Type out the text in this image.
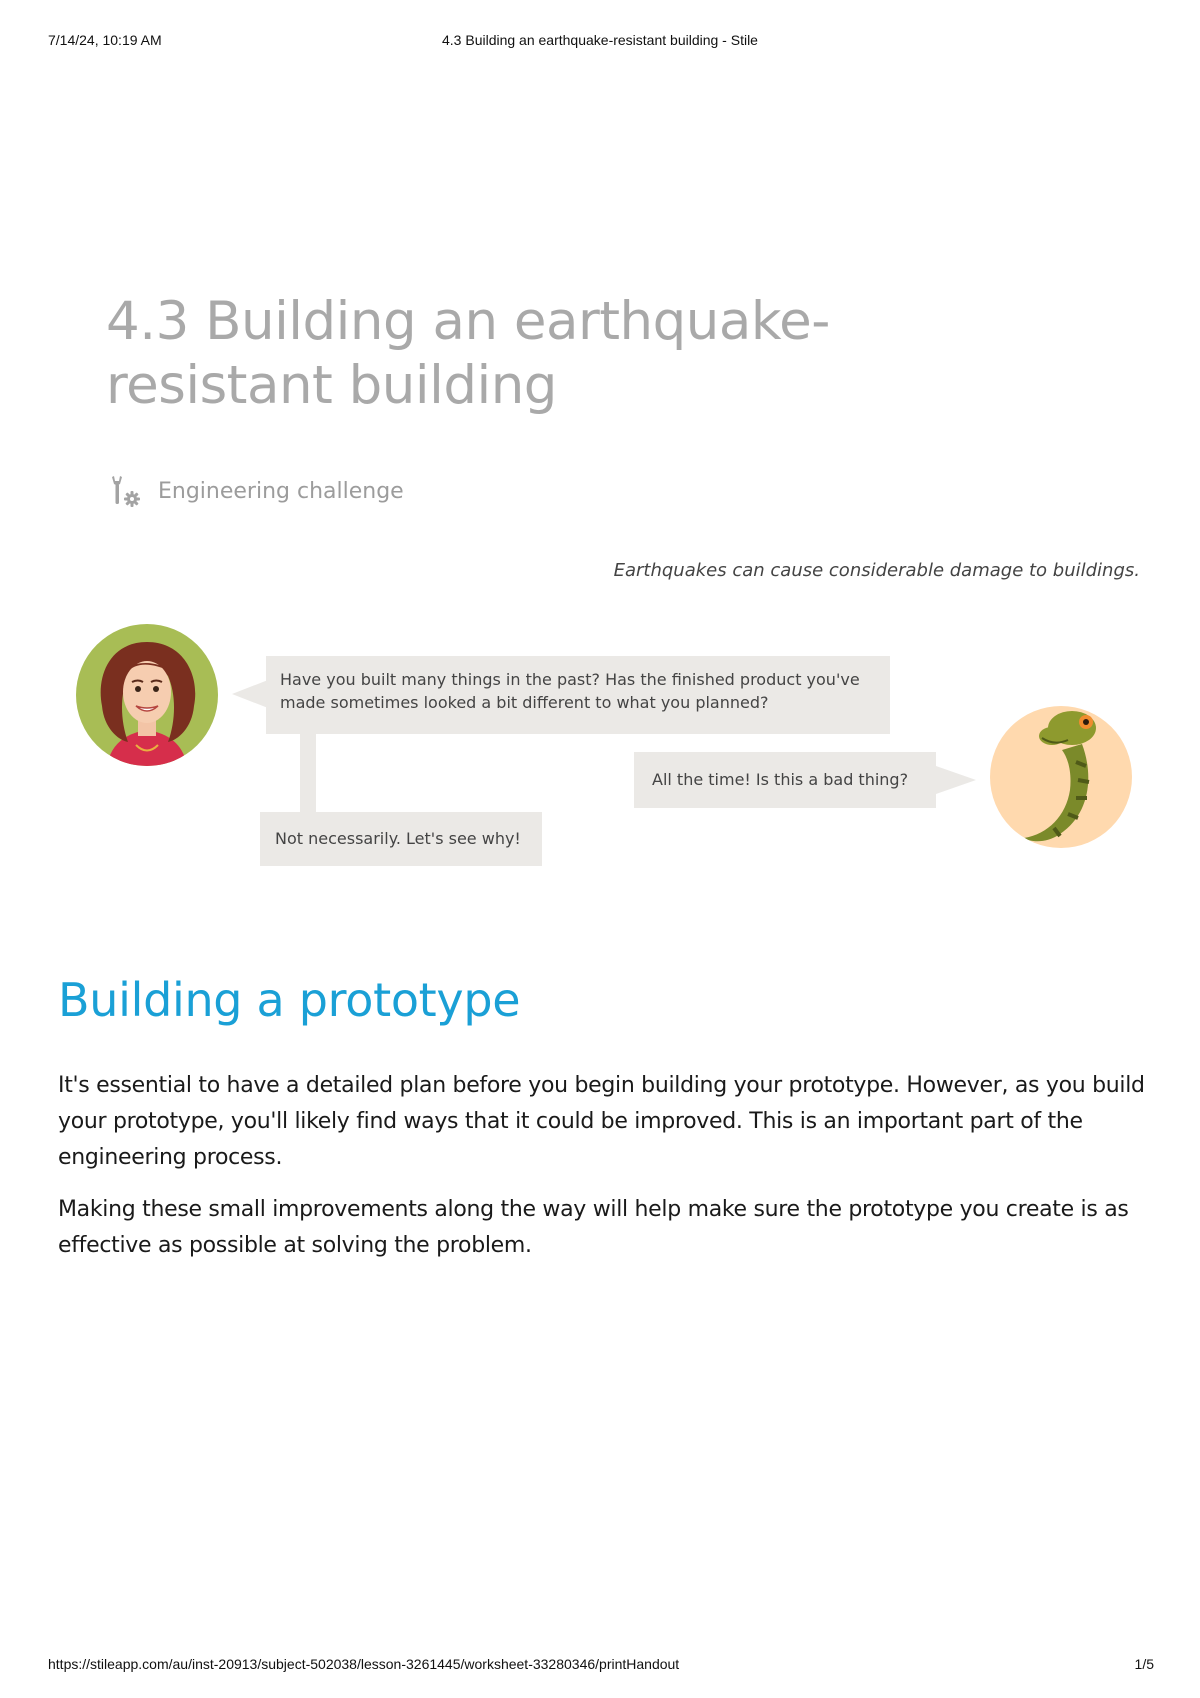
7/14/24, 10:19 AM	4.3 Building an earthquake-resistant building - Stile
4.3 Building an earthquake-resistant building
Engineering challenge
Earthquakes can cause considerable damage to buildings.
Have you built many things in the past? Has the finished product you've made sometimes looked a bit different to what you planned?
All the time! Is this a bad thing?
Not necessarily. Let's see why!
Building a prototype

It's essential to have a detailed plan before you begin building your prototype. However, as you build your prototype, you'll likely find ways that it could be improved. This is an important part of the engineering process.

Making these small improvements along the way will help make sure the prototype you create is as effective as possible at solving the problem.

https://stileapp.com/au/inst-20913/subject-502038/lesson-3261445/worksheet-33280346/printHandout	1/5
